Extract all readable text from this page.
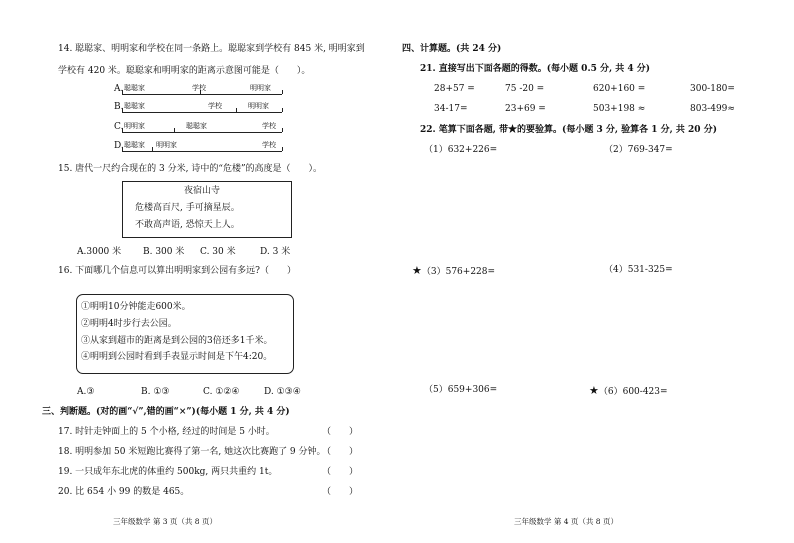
14. 聪聪家、明明家和学校在同一条路上。聪聪家到学校有 845 米, 明明家到
学校有 420 米。聪聪家和明明家的距离示意图可能是（　　）。
A. 聪聪家	学校	明明家
B. 聪聪家	学校	明明家
C. 明明家	聪聪家	学校
D. 聪聪家 明明家	学校
15. 唐代一尺约合现在的 3 分米, 诗中的“危楼”的高度是（　　）。
夜宿山寺
危楼高百尺, 手可摘星辰。
不敢高声语, 恐惊天上人。
A.3000 米 B. 300 米 C. 30 米	D. 3 米
16. 下面哪几个信息可以算出明明家到公园有多远?（　　）
①明明10分钟能走600米。
②明明4时步行去公园。
③从家到超市的距离是到公园的3倍还多1千米。
④明明到公园时看到手表显示时间是下午4:20。
A.③	B. ①③	C. ①②④	D. ①③④
三、判断题。(对的画“√”,错的画“×”)(每小题 1 分, 共 4 分)
17. 时针走钟面上的 5 个小格, 经过的时间是 5 小时。	（　　）
18. 明明参加 50 米短跑比赛得了第一名, 她这次比赛跑了 9 分钟。
（　　）
19. 一只成年东北虎的体重约 500kg, 两只共重约 1t。	（　　）
20. 比 654 小 99 的数是 465。	（　　）
三年级数学 第 3 页（共 8 页）
四、计算题。(共 24 分)
21. 直接写出下面各题的得数。(每小题 0.5 分, 共 4 分)
28+57 =	75 -20 =	620+160 =	300-180=
34-17=	23+69 =	503+198 ≈	803-499≈
22. 笔算下面各题, 带★的要验算。(每小题 3 分, 验算各 1 分, 共 20 分)
（1）632+226=	（2）769-347=
★（3）576+228=	（4）531-325=
（5）659+306=	★（6）600-423=
三年级数学 第 4 页（共 8 页）
